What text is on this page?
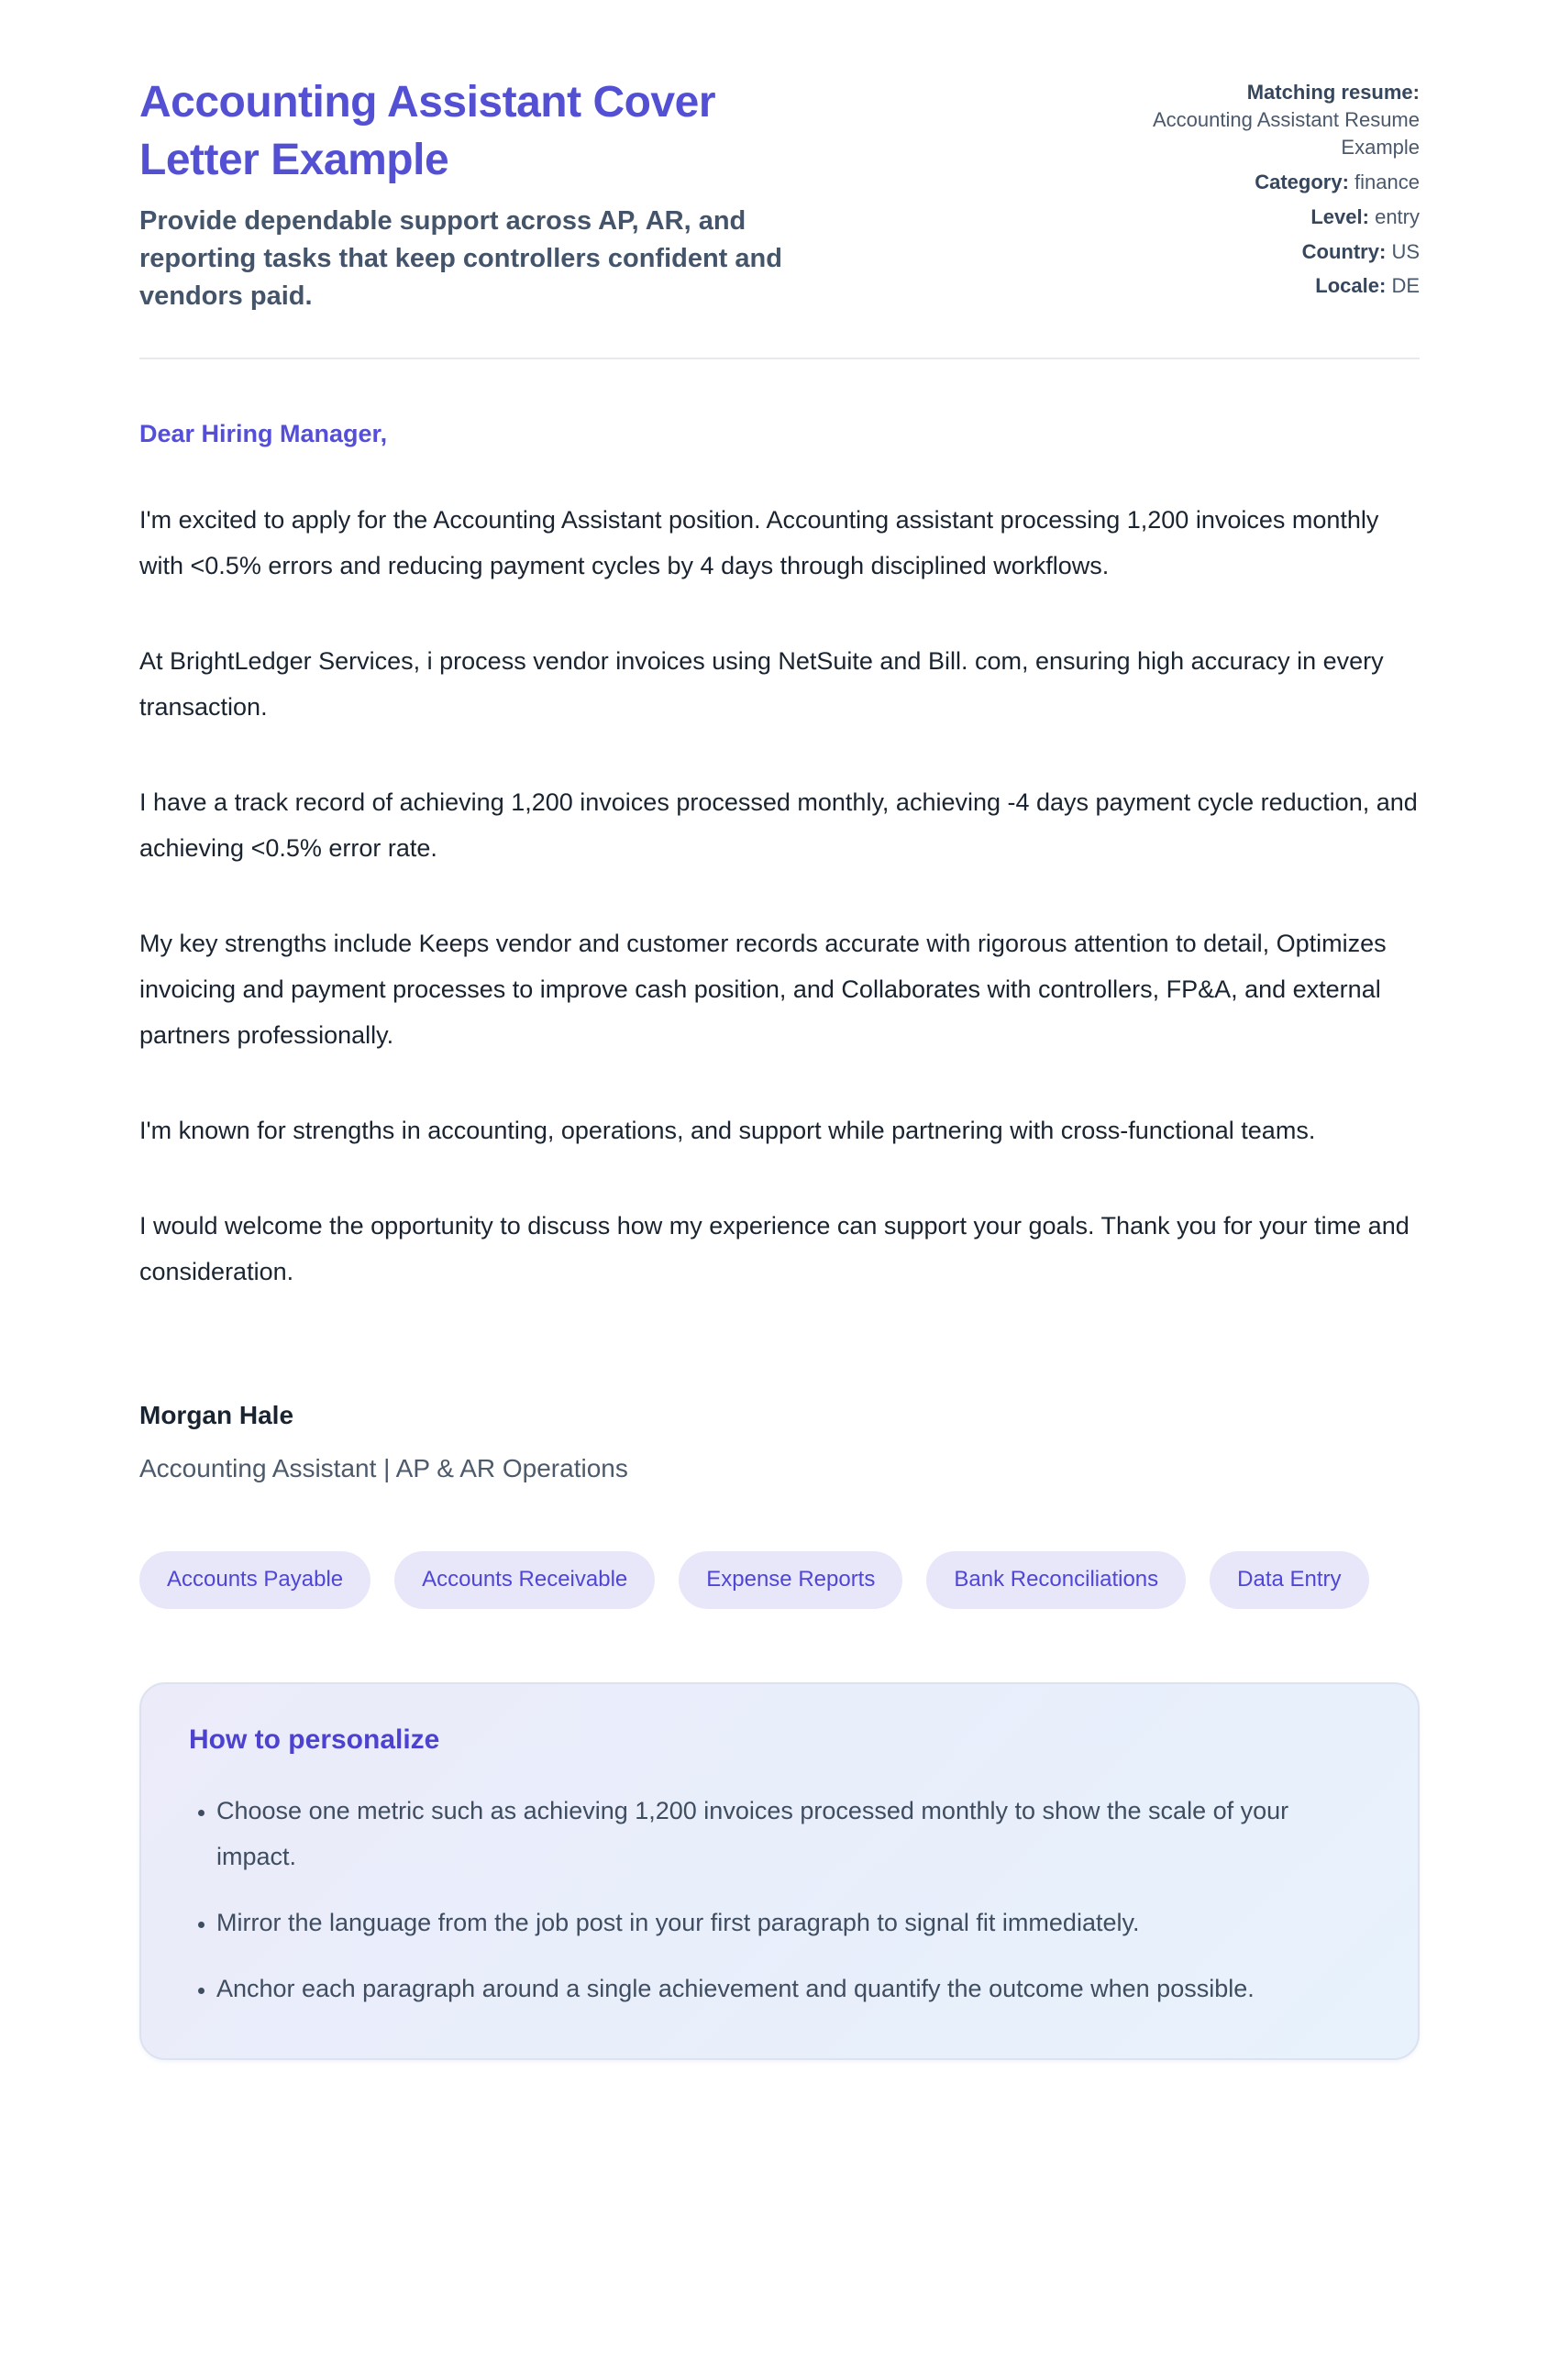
Accounting Assistant Cover Letter Example

Provide dependable support across AP, AR, and reporting tasks that keep controllers confident and vendors paid.

Matching resume:
Accounting Assistant Resume Example
Category: finance
Level: entry
Country: US
Locale: DE

Dear Hiring Manager,

I'm excited to apply for the Accounting Assistant position. Accounting assistant processing 1,200 invoices monthly with <0.5% errors and reducing payment cycles by 4 days through disciplined workflows.

At BrightLedger Services, i process vendor invoices using NetSuite and Bill. com, ensuring high accuracy in every transaction.

I have a track record of achieving 1,200 invoices processed monthly, achieving -4 days payment cycle reduction, and achieving <0.5% error rate.

My key strengths include Keeps vendor and customer records accurate with rigorous attention to detail, Optimizes invoicing and payment processes to improve cash position, and Collaborates with controllers, FP&A, and external partners professionally.

I'm known for strengths in accounting, operations, and support while partnering with cross-functional teams.

I would welcome the opportunity to discuss how my experience can support your goals. Thank you for your time and consideration.

Morgan Hale

Accounting Assistant | AP & AR Operations

Accounts Payable	Accounts Receivable	Expense Reports	Bank Reconciliations	Data Entry
How to personalize
• Choose one metric such as achieving 1,200 invoices processed monthly to show the scale of your impact.
• Mirror the language from the job post in your first paragraph to signal fit immediately.
• Anchor each paragraph around a single achievement and quantify the outcome when possible.
